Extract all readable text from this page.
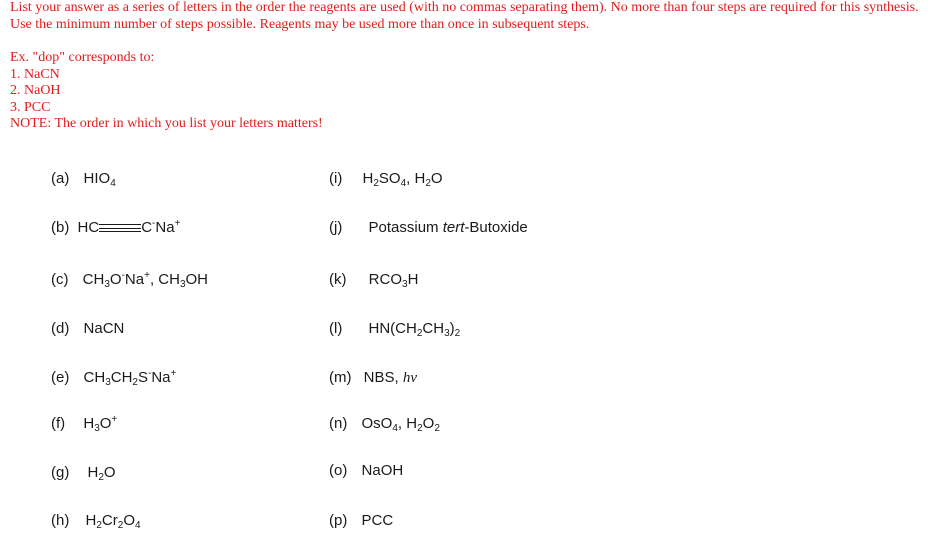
List your answer as a series of letters in the order the reagents are used (with no commas separating them). No more than four steps are required for this synthesis.

Use the minimum number of steps possible. Reagents may be used more than once in subsequent steps.

Ex. "dop" corresponds to:

1. NaCN

2. NaOH

3. PCC

NOTE: The order in which you list your letters matters!

(a) $HIO_4$
(b) HC	C-Na+
(c) $CH_3O^-Na^+$, $CH_3OH$
(d) NaCN
(e) $CH_3CH_2S^-Na^+$
(f) $H_3O^+$
(g) $H_2O$
(h) $H_2Cr_2O_4$
(i) $H_2SO_4$, $H_2O$
(j) Potassium tert-Butoxide
(k) $RCO_3H$
(l) $HN(CH_2CH_3)_2$
(m) NBS, hν
(n) OsO$_4$, $H_2O_2$
(o) NaOH
(p) PCC
